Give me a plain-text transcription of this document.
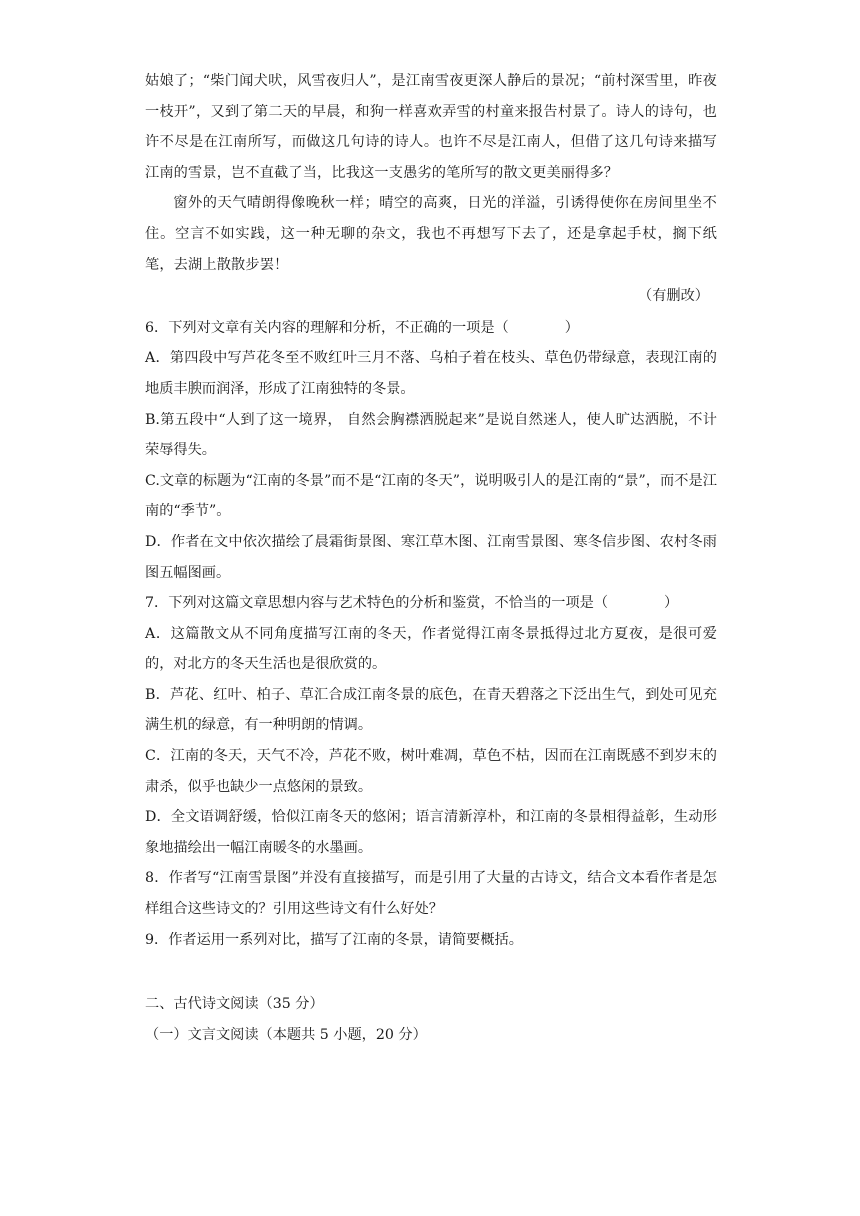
姑娘了；“柴门闻犬吠，风雪夜归人”，是江南雪夜更深人静后的景况；“前村深雪里，昨夜一枝开”，又到了第二天的早晨，和狗一样喜欢弄雪的村童来报告村景了。诗人的诗句，也许不尽是在江南所写，而做这几句诗的诗人。也许不尽是江南人，但借了这几句诗来描写江南的雪景，岂不直截了当，比我这一支愚劣的笔所写的散文更美丽得多？

窗外的天气晴朗得像晚秋一样；晴空的高爽，日光的洋溢，引诱得使你在房间里坐不住。空言不如实践，这一种无聊的杂文，我也不再想写下去了，还是拿起手杖，搁下纸笔，去湖上散散步罢！

（有删改）

6．下列对文章有关内容的理解和分析，不正确的一项是（	）

A．第四段中写芦花冬至不败红叶三月不落、乌柏子着在枝头、草色仍带绿意，表现江南的地质丰腴而润泽，形成了江南独特的冬景。

B.第五段中“人到了这一境界， 自然会胸襟洒脱起来”是说自然迷人，使人旷达洒脱，不计荣辱得失。

C.文章的标题为“江南的冬景”而不是“江南的冬天”，说明吸引人的是江南的“景”，而不是江南的“季节”。

D．作者在文中依次描绘了晨霜街景图、寒江草木图、江南雪景图、寒冬信步图、农村冬雨图五幅图画。

7．下列对这篇文章思想内容与艺术特色的分析和鉴赏，不恰当的一项是（	）

A．这篇散文从不同角度描写江南的冬天，作者觉得江南冬景抵得过北方夏夜，是很可爱的，对北方的冬天生活也是很欣赏的。

B．芦花、红叶、柏子、草汇合成江南冬景的底色，在青天碧落之下泛出生气，到处可见充满生机的绿意，有一种明朗的情调。

C．江南的冬天，天气不冷，芦花不败，树叶难凋，草色不枯，因而在江南既感不到岁末的肃杀，似乎也缺少一点悠闲的景致。

D．全文语调舒缓，恰似江南冬天的悠闲；语言清新淳朴，和江南的冬景相得益彰，生动形象地描绘出一幅江南暖冬的水墨画。

8．作者写“江南雪景图”并没有直接描写，而是引用了大量的古诗文，结合文本看作者是怎样组合这些诗文的？引用这些诗文有什么好处？

9．作者运用一系列对比，描写了江南的冬景，请简要概括。

二、古代诗文阅读（35 分）

（一）文言文阅读（本题共 5 小题，20 分）
